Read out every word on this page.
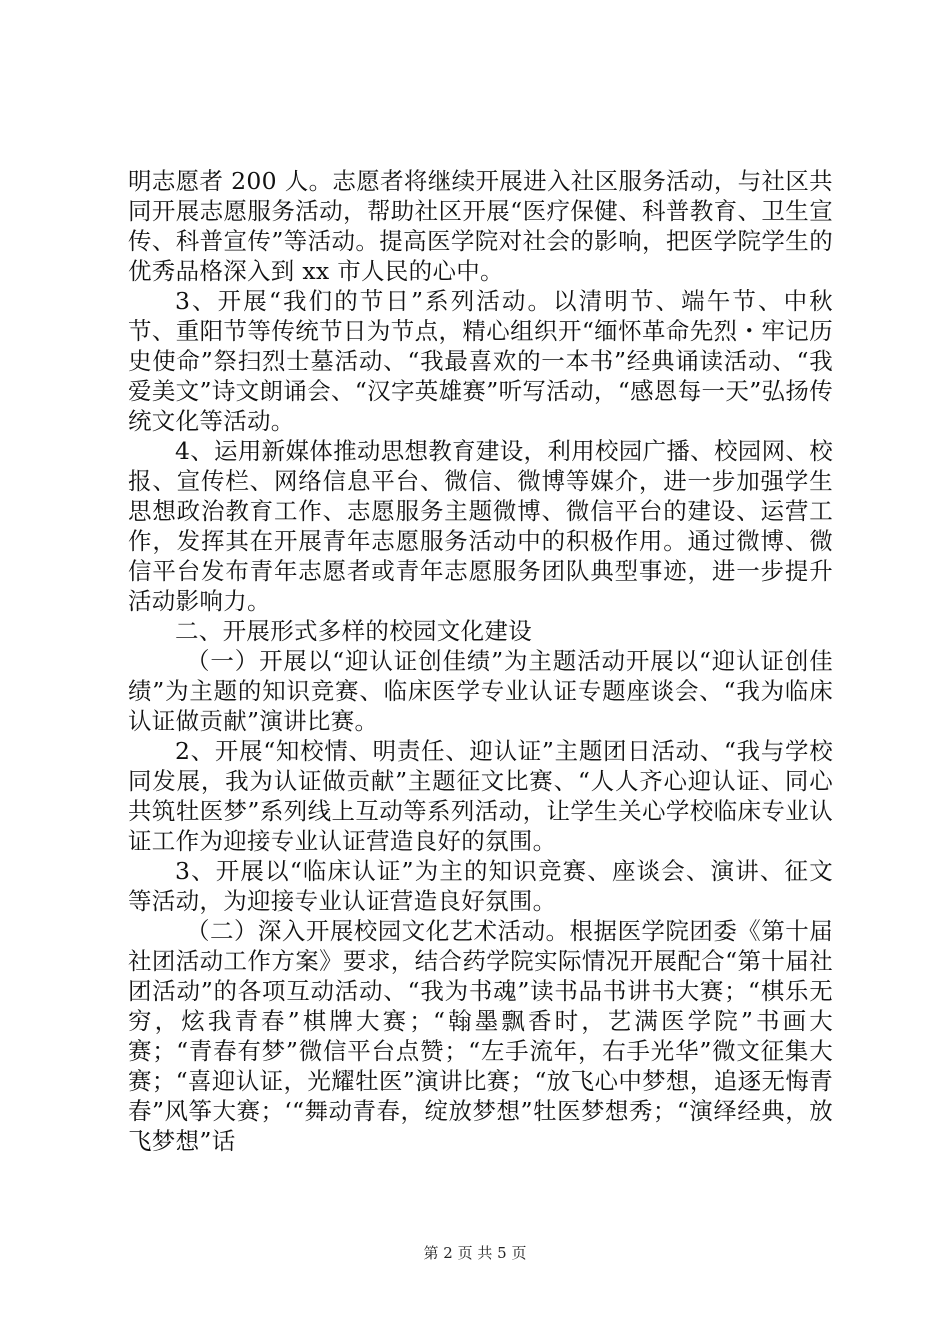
明志愿者 200 人。志愿者将继续开展进入社区服务活动，与社区共同开展志愿服务活动，帮助社区开展“医疗保健、科普教育、卫生宣传、科普宣传”等活动。提高医学院对社会的影响，把医学院学生的优秀品格深入到 xx 市人民的心中。

3、开展“我们的节日”系列活动。以清明节、端午节、中秋节、重阳节等传统节日为节点，精心组织开“缅怀革命先烈・牢记历史使命”祭扫烈士墓活动、“我最喜欢的一本书”经典诵读活动、“我爱美文”诗文朗诵会、“汉字英雄赛”听写活动，“感恩每一天”弘扬传统文化等活动。

4、运用新媒体推动思想教育建设，利用校园广播、校园网、校报、宣传栏、网络信息平台、微信、微博等媒介，进一步加强学生思想政治教育工作、志愿服务主题微博、微信平台的建设、运营工作，发挥其在开展青年志愿服务活动中的积极作用。通过微博、微信平台发布青年志愿者或青年志愿服务团队典型事迹，进一步提升活动影响力。

二、开展形式多样的校园文化建设

（一）开展以“迎认证创佳绩”为主题活动开展以“迎认证创佳绩”为主题的知识竞赛、临床医学专业认证专题座谈会、“我为临床认证做贡献”演讲比赛。

2、开展“知校情、明责任、迎认证”主题团日活动、“我与学校同发展，我为认证做贡献”主题征文比赛、“人人齐心迎认证、同心共筑牡医梦”系列线上互动等系列活动，让学生关心学校临床专业认证工作为迎接专业认证营造良好的氛围。

3、开展以“临床认证”为主的知识竞赛、座谈会、演讲、征文等活动，为迎接专业认证营造良好氛围。

（二）深入开展校园文化艺术活动。根据医学院团委《第十届社团活动工作方案》要求，结合药学院实际情况开展配合“第十届社团活动”的各项互动活动、“我为书魂”读书品书讲书大赛；“棋乐无穷，炫我青春”棋牌大赛；“翰墨飘香时，艺满医学院”书画大赛；“青春有梦”微信平台点赞；“左手流年，右手光华”微文征集大赛；“喜迎认证，光耀牡医”演讲比赛；“放飞心中梦想，追逐无悔青春”风筝大赛；‘“舞动青春，绽放梦想”牡医梦想秀；“演绎经典，放飞梦想”话

第 2 页 共 5 页
